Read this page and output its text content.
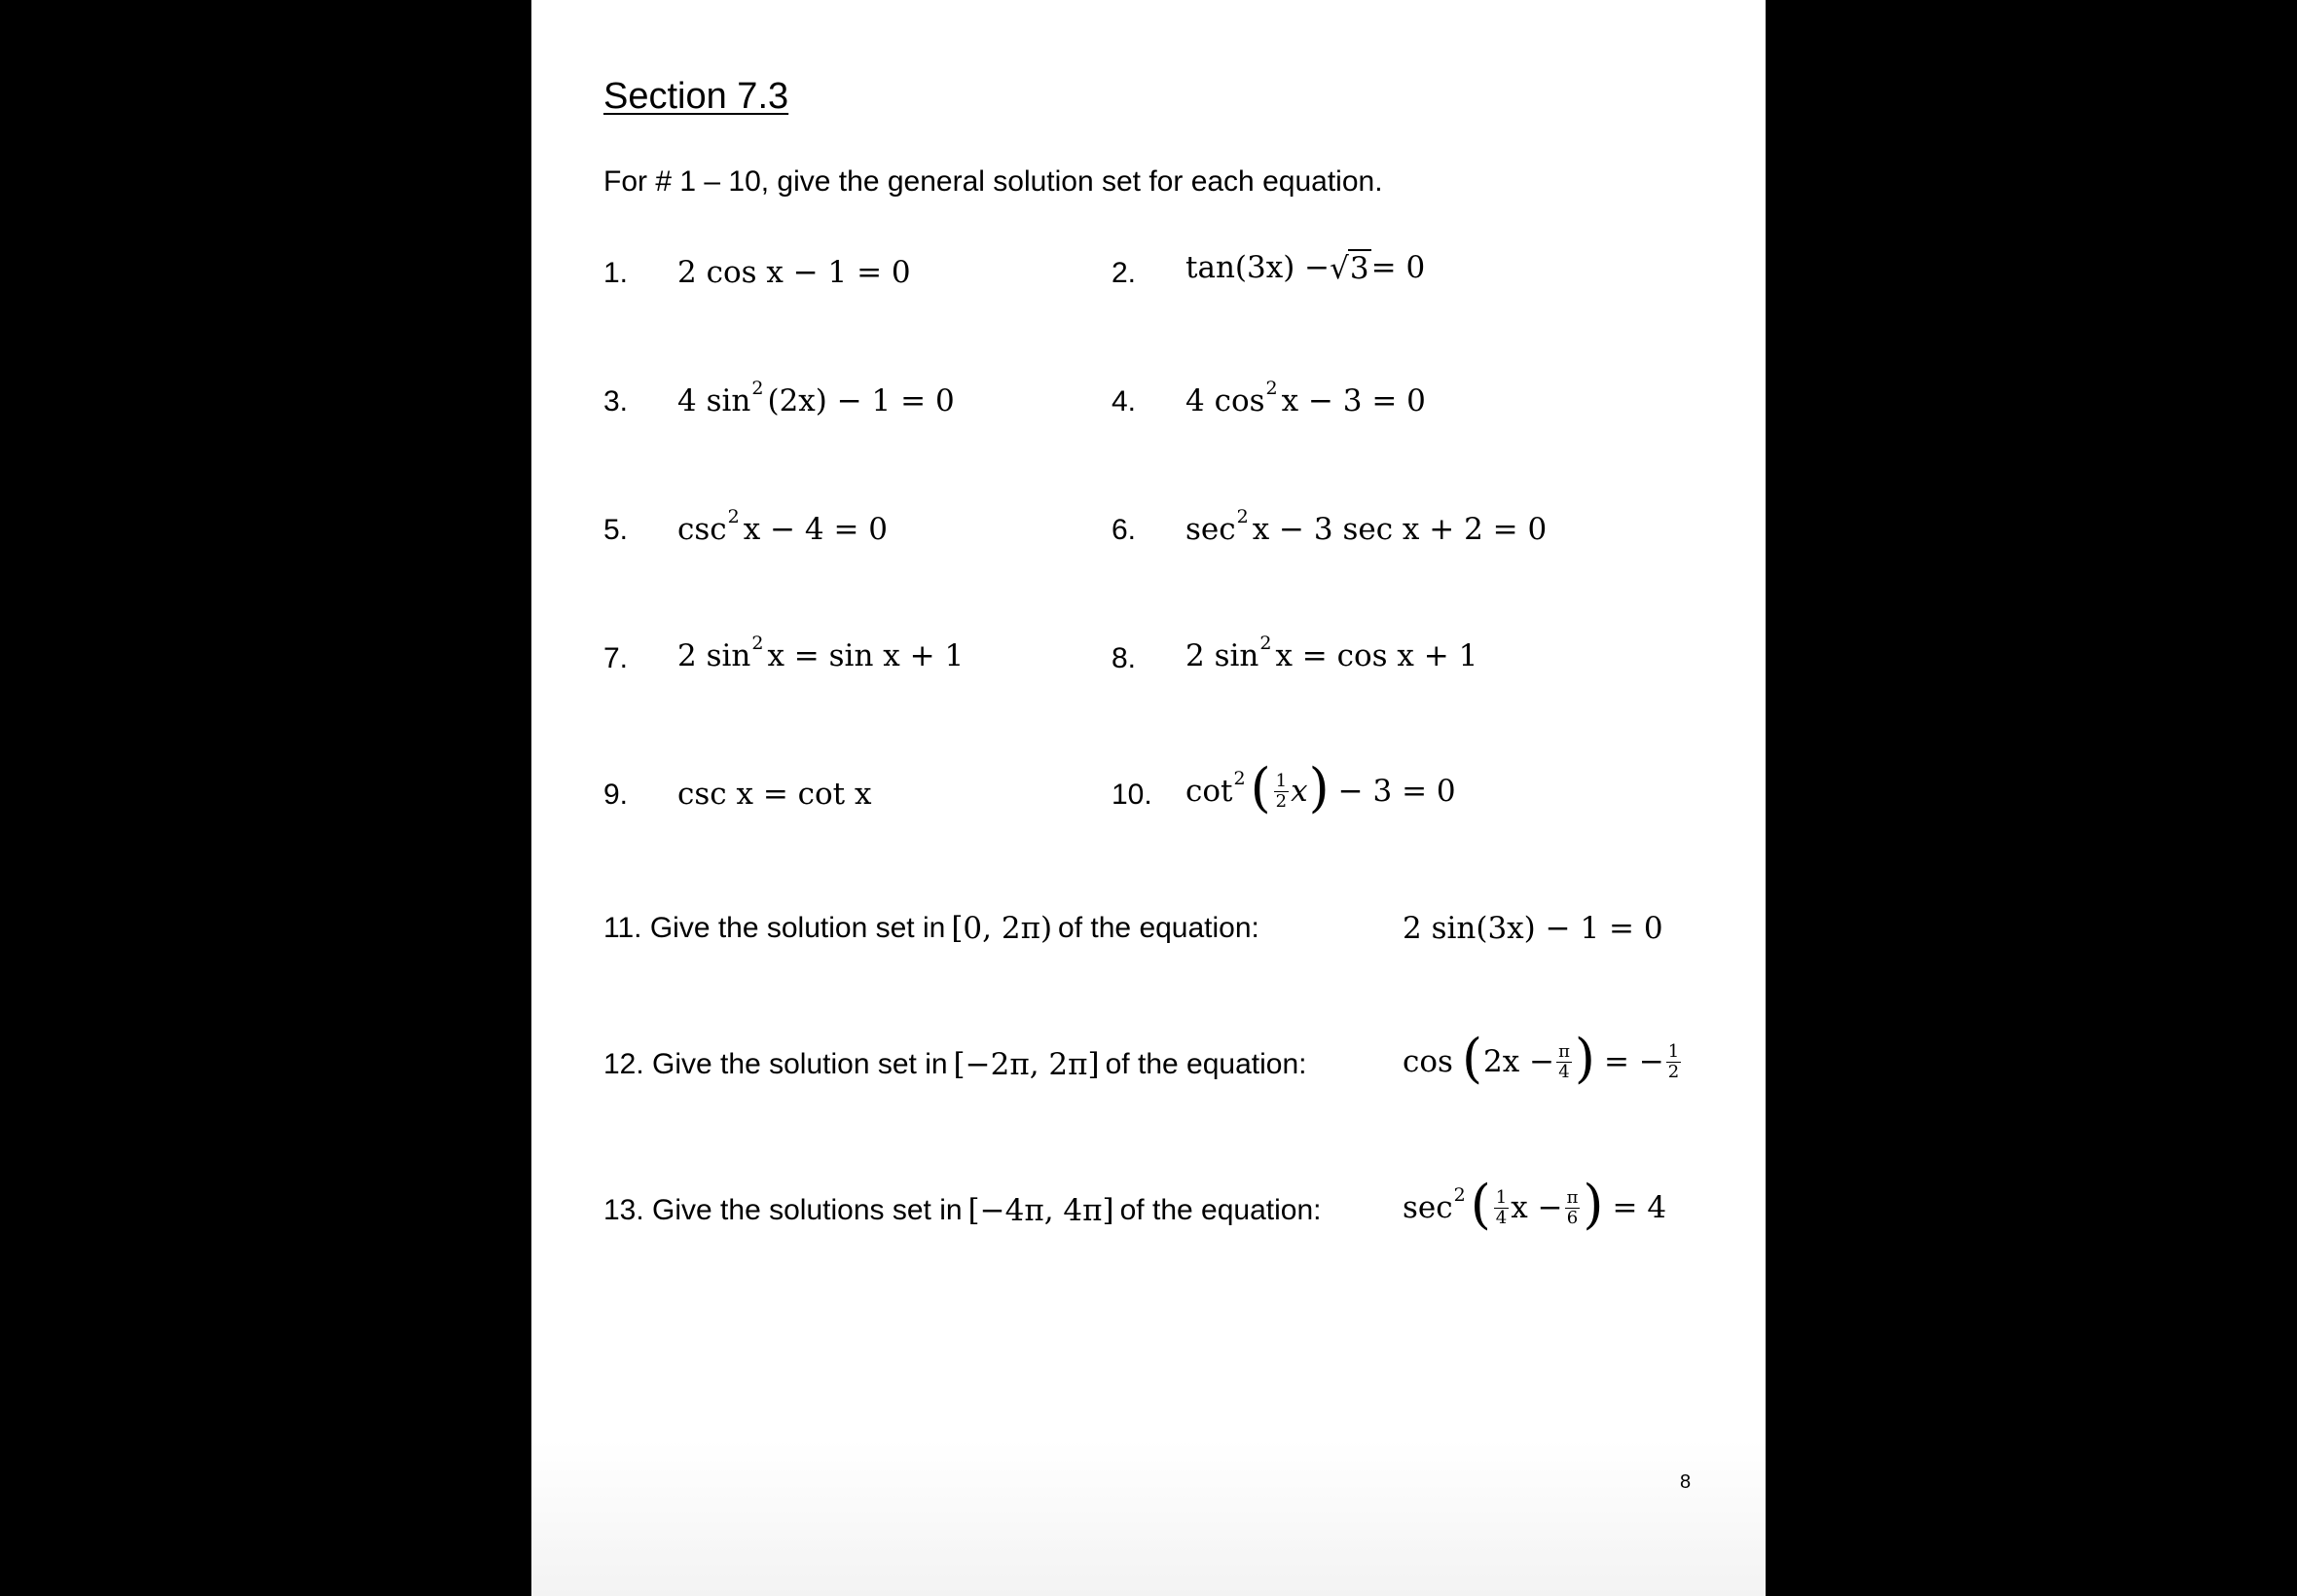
Section 7.3
For # 1 – 10, give the general solution set for each equation.
1. 2 cos x − 1 = 0	2. tan(3x) − √ 3 = 0
3. 4 sin 2 (2x) − 1 = 0	4. 4 cos 2 x − 3 = 0
5. csc 2 x − 4 = 0	6. sec 2 x − 3 sec x + 2 = 0
7. 2 sin 2 x = sin x + 1	8. 2 sin 2 x = cos x + 1
9. csc x = cot x	10. cot 2 ( $\frac{1}{2}$ x ) − 3 = 0
11. Give the solution set in [0, 2π) of the equation:	2 sin(3x) − 1 = 0
12. Give the solution set in [−2π, 2π] of the equation:	cos ( $2x - \frac{\pi}{4}$ ) = − $\frac{1}{2}$
13. Give the solutions set in [−4π, 4π] of the equation:	sec 2 ( $\frac{1}{4}$ $x - \frac{\pi}{6}$ ) = 4
8
